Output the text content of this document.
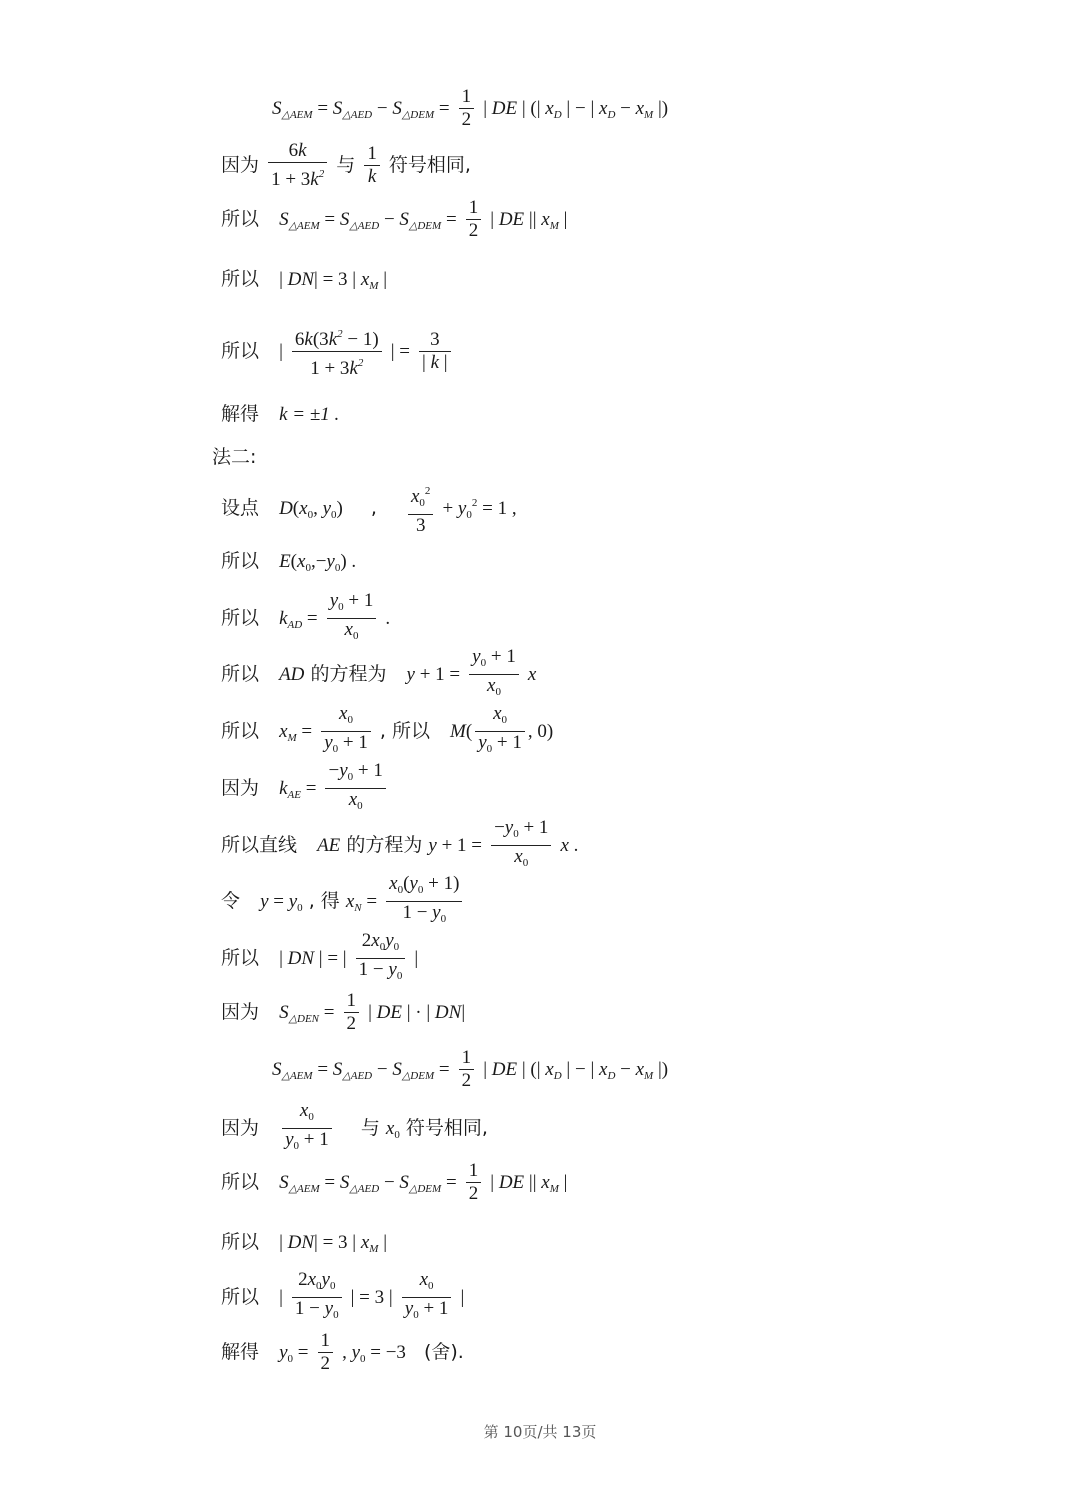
$S_{\triangle AEM} = S_{\triangle AED} - S_{\triangle DEM} = \frac{1}{2}$ | DE | (| $x_D$ | − | $x_D - x_M$ |)
因为 $\frac{6k}{1 + 3k^2}$ 与 $\frac{1}{k}$ 符号相同,
所以 $S_{\triangle AEM} = S_{\triangle AED} - S_{\triangle DEM} = \frac{1}{2}$ | DE || $x_M$ |
所以 | DN| = 3 | $x_M$ |
所以 | $\frac{6k(3k^2 - 1)}{1 + 3k^2}$ | = $\frac{3}{| k |}$
解得 k = ±1 .
法二:
设点 $D(x_0$, $y_0$) , $\frac{x_0^2}{3} + y_0^2 = 1$ ,
所以 $E(x_0,-y_0)$ .
所以 $k_{AD} = \frac{y_0 + 1}{x_0}$ .
所以 AD 的方程为 $y + 1 = \frac{y_0 + 1}{x_0}$ x
所以 $x_M = \frac{x_0}{y_0 + 1}$ , 所以 $M( \frac{x_0}{y_0 + 1}$ , 0)
因为 $k_{AE} = \frac{-y_0 + 1}{x_0}$
所以直线 AE 的方程为 $y + 1 = \frac{-y_0 + 1}{x_0}$ x .
令 $y = y_0$ , 得 $x_N = \frac{x_0(y_0 + 1)}{1 - y_0}$
所以 | DN | = | $\frac{2x_0y_0}{1 - y_0}$ |
因为 $S_{\triangle DEN} = \frac{1}{2}$ | DE | · | DN|
$S_{\triangle AEM} = S_{\triangle AED} - S_{\triangle DEM} = \frac{1}{2}$ | DE | (| $x_D$ | − | $x_D - x_M$ |)
因为 $\frac{x_0}{y_0 + 1}$ 与 $x_0$ 符号相同,
所以 $S_{\triangle AEM} = S_{\triangle AED} - S_{\triangle DEM} = \frac{1}{2}$ | DE || $x_M$ |
所以 | DN| = 3 | $x_M$ |
所以 | $\frac{2x_0y_0}{1 - y_0}$ | = 3 | $\frac{x_0}{y_0 + 1}$ |
解得 $y_0 = \frac{1}{2}$ , $y_0 = -3$ (舍).
第 10页/共 13页
